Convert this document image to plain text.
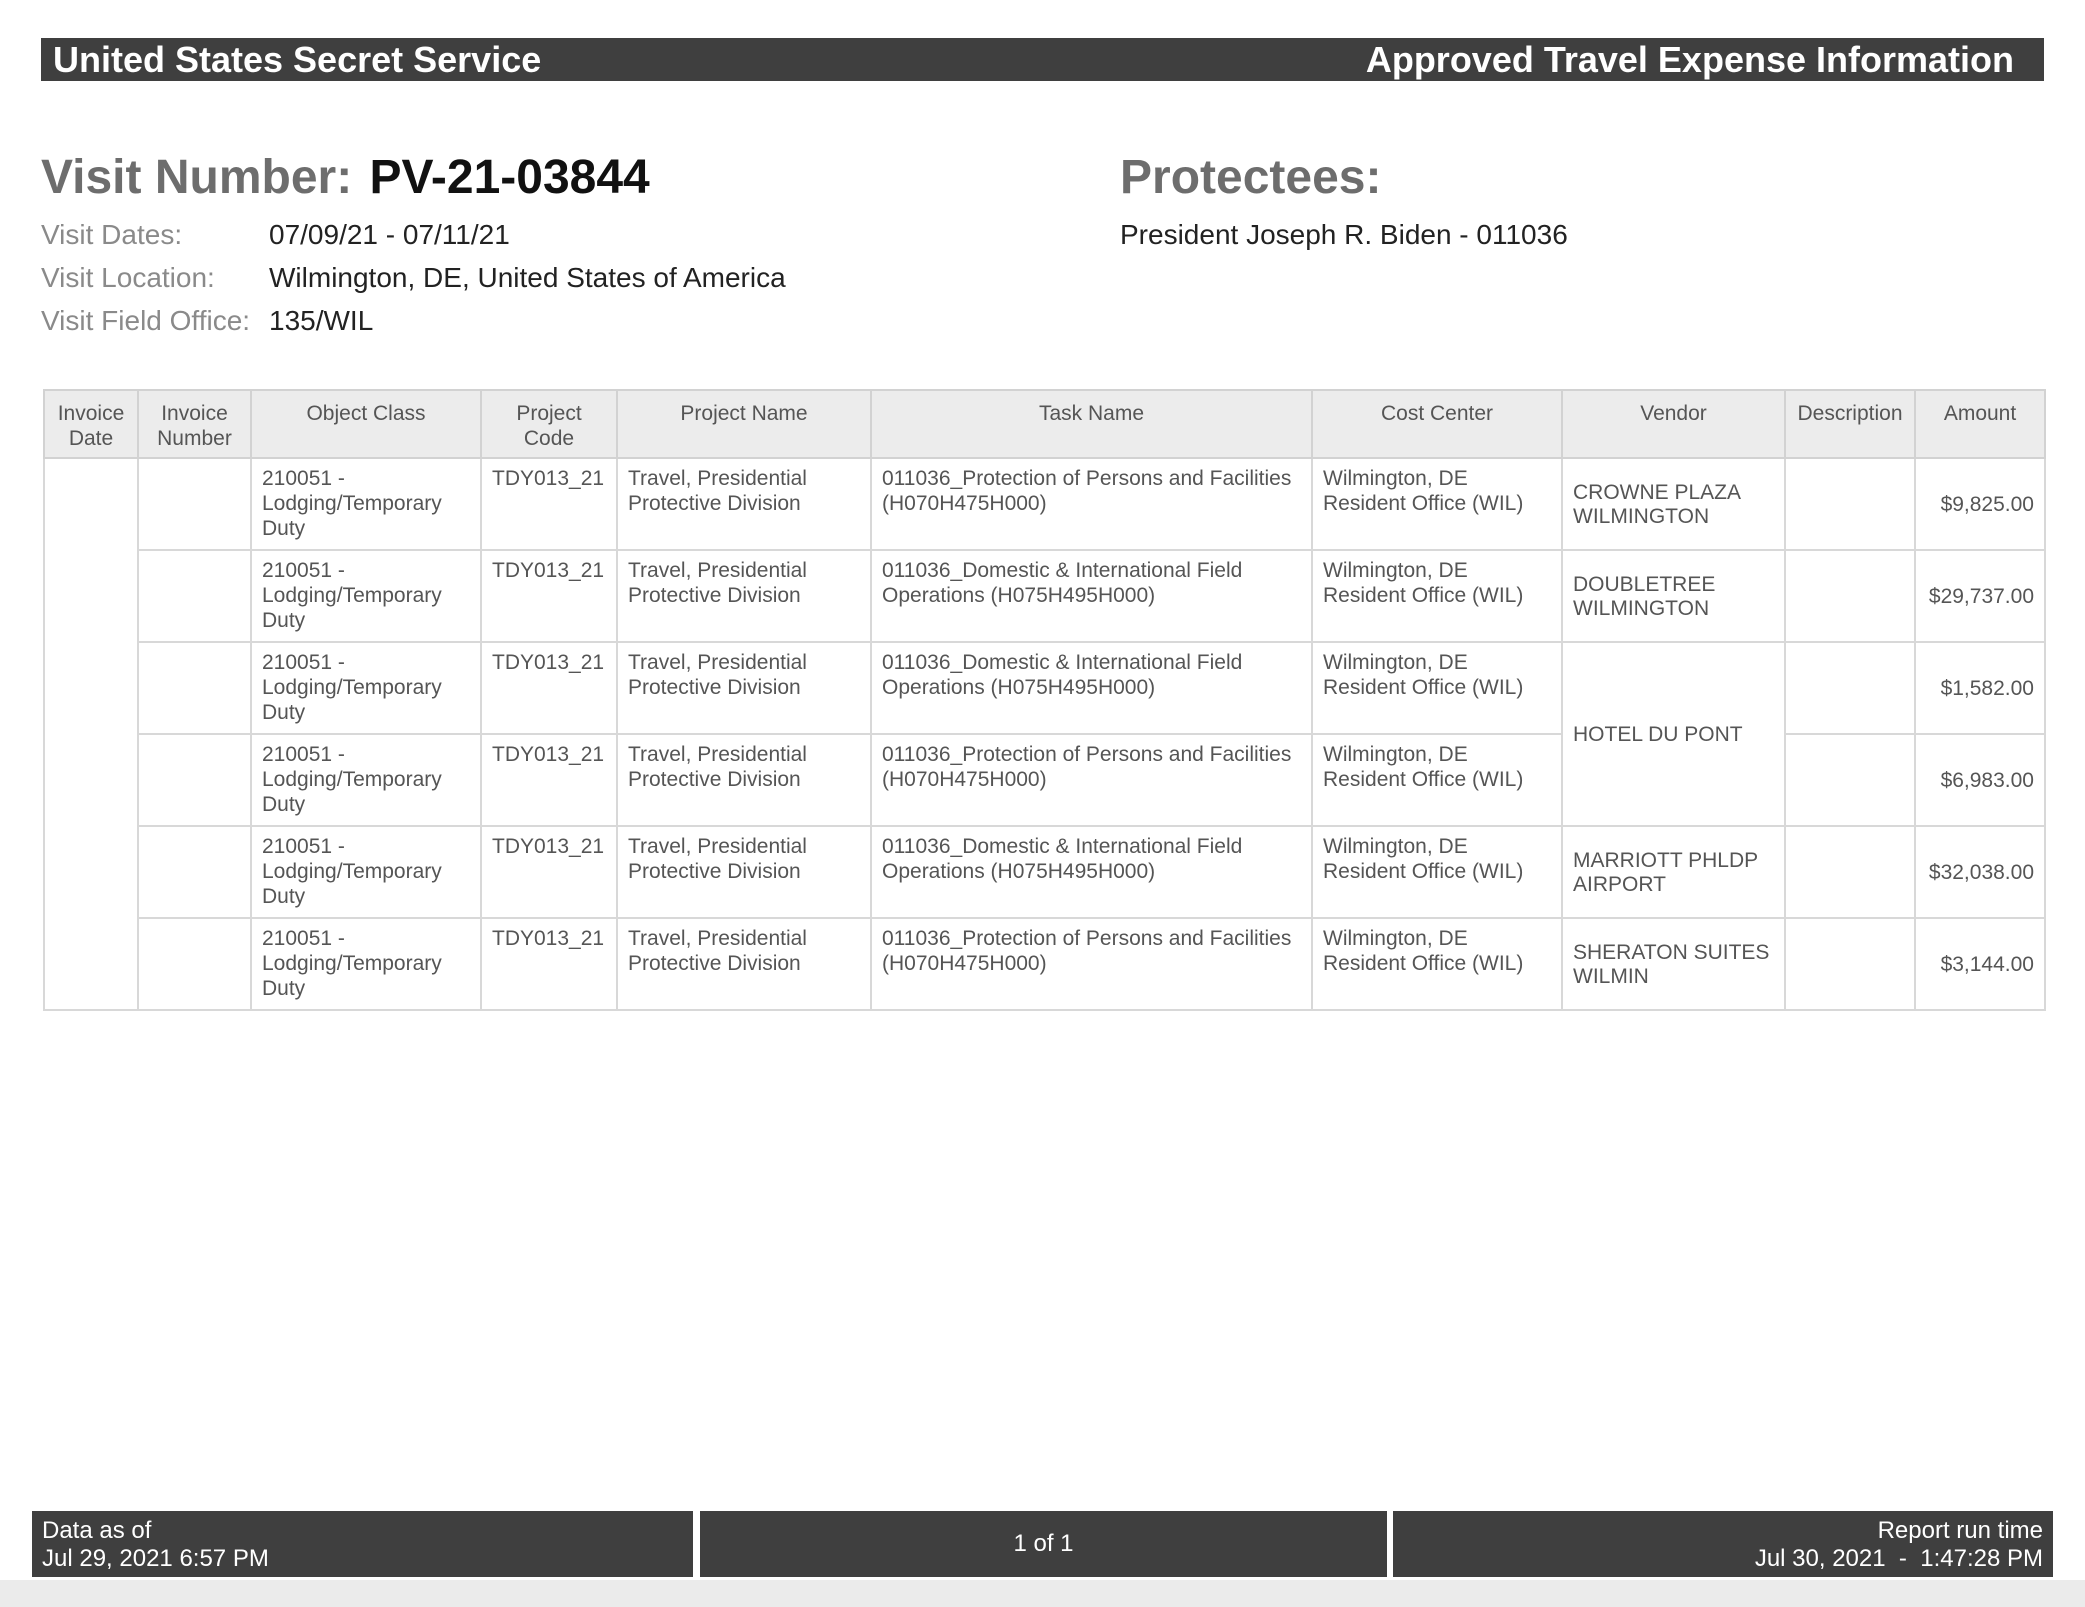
United States Secret Service	Approved Travel Expense Information
Visit Number: PV-21-03844
Visit Dates:	07/09/21 - 07/11/21
Visit Location:	Wilmington, DE, United States of America
Visit Field Office: 135/WIL
Protectees:
President Joseph R. Biden - 011036
Invoice Date	Invoice Number	Object Class	Project Code	Project Name	Task Name	Cost Center	Vendor	Description	Amount
		210051 - Lodging/Temporary Duty	TDY013_21	Travel, Presidential Protective Division	011036_Protection of Persons and Facilities (H070H475H000)	Wilmington, DE Resident Office (WIL)	CROWNE PLAZA WILMINGTON		$9,825.00
		210051 - Lodging/Temporary Duty	TDY013_21	Travel, Presidential Protective Division	011036_Domestic & International Field Operations (H075H495H000)	Wilmington, DE Resident Office (WIL)	DOUBLETREE WILMINGTON		$29,737.00
		210051 - Lodging/Temporary Duty	TDY013_21	Travel, Presidential Protective Division	011036_Domestic & International Field Operations (H075H495H000)	Wilmington, DE Resident Office (WIL)	HOTEL DU PONT		$1,582.00
		210051 - Lodging/Temporary Duty	TDY013_21	Travel, Presidential Protective Division	011036_Protection of Persons and Facilities (H070H475H000)	Wilmington, DE Resident Office (WIL)			$6,983.00
		210051 - Lodging/Temporary Duty	TDY013_21	Travel, Presidential Protective Division	011036_Domestic & International Field Operations (H075H495H000)	Wilmington, DE Resident Office (WIL)	MARRIOTT PHLDP AIRPORT		$32,038.00
		210051 - Lodging/Temporary Duty	TDY013_21	Travel, Presidential Protective Division	011036_Protection of Persons and Facilities (H070H475H000)	Wilmington, DE Resident Office (WIL)	SHERATON SUITES WILMIN		$3,144.00
Data as of
Jul 29, 2021 6:57 PM
1 of 1	Report run time
Jul 30, 2021  -  1:47:28 PM
